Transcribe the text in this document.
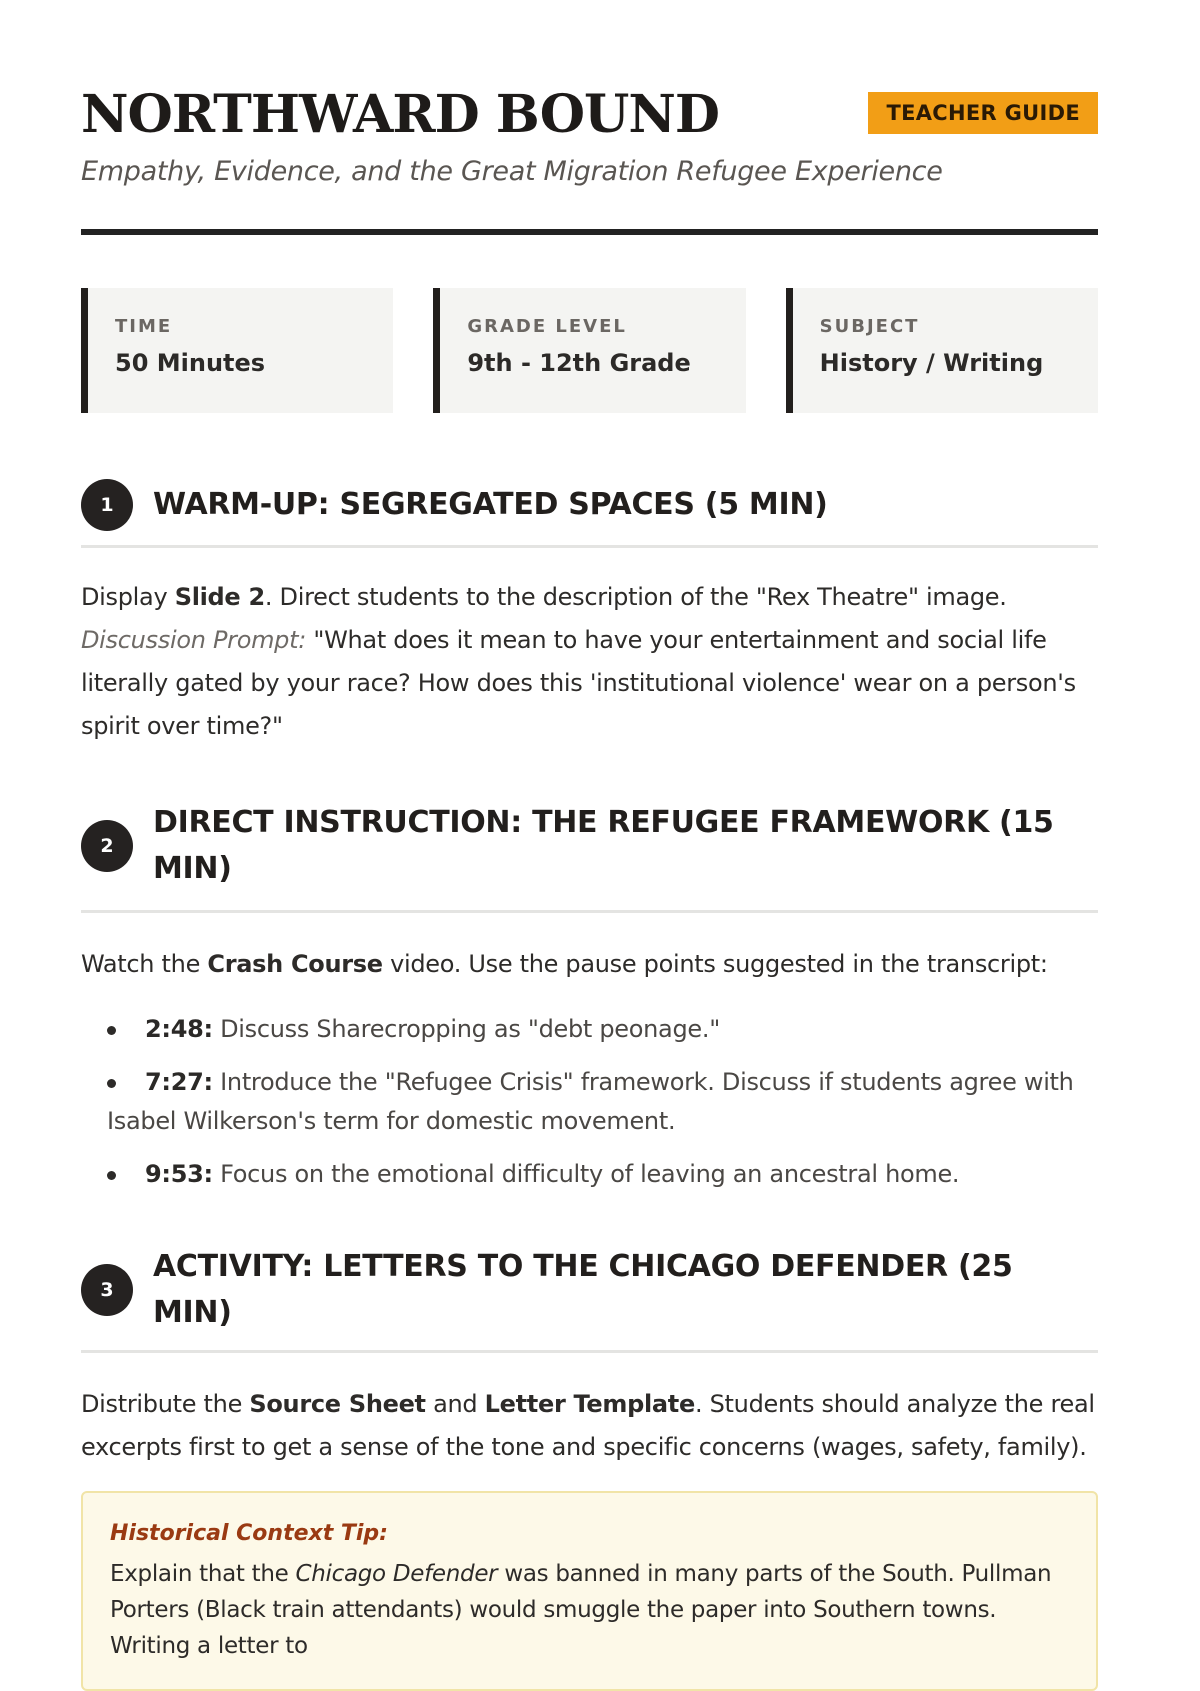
NORTHWARD BOUND	TEACHER GUIDE

Empathy, Evidence, and the Great Migration Refugee Experience

TIME
50 Minutes
GRADE LEVEL
9th - 12th Grade
SUBJECT
History / Writing
1	WARM-UP: SEGREGATED SPACES (5 MIN)

Display Slide 2. Direct students to the description of the "Rex Theatre" image.
Discussion Prompt: "What does it mean to have your entertainment and social life literally gated by your race? How does this 'institutional violence' wear on a person's spirit over time?"

2
DIRECT INSTRUCTION: THE REFUGEE FRAMEWORK (15 MIN)

Watch the Crash Course video. Use the pause points suggested in the transcript:

2:48: Discuss Sharecropping as "debt peonage."
7:27: Introduce the "Refugee Crisis" framework. Discuss if students agree with Isabel Wilkerson's term for domestic movement.
9:53: Focus on the emotional difficulty of leaving an ancestral home.
3
ACTIVITY: LETTERS TO THE CHICAGO DEFENDER (25 MIN)

Distribute the Source Sheet and Letter Template. Students should analyze the real excerpts first to get a sense of the tone and specific concerns (wages, safety, family).

Historical Context Tip:
Explain that the Chicago Defender was banned in many parts of the South. Pullman Porters (Black train attendants) would smuggle the paper into Southern towns. Writing a letter to
